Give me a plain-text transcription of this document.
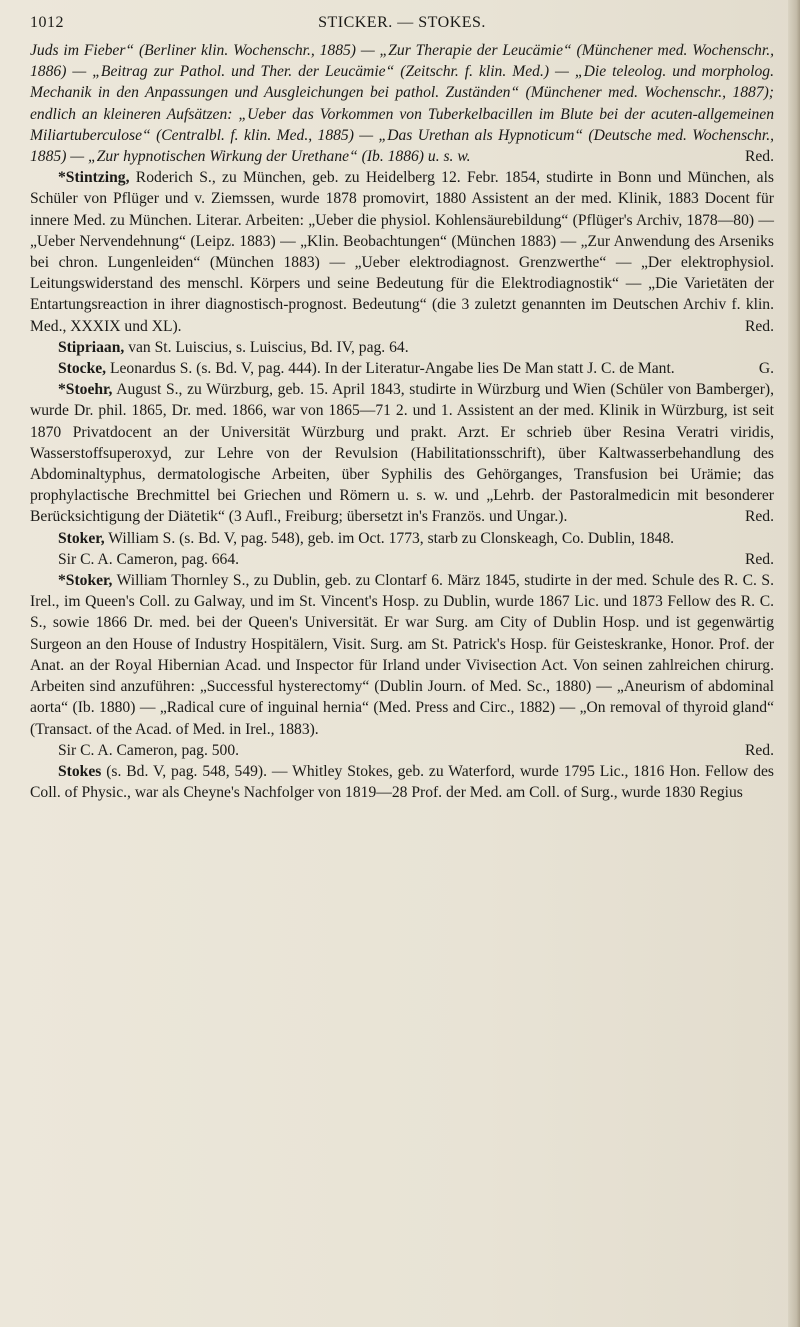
1012	STICKER. — STOKES.

Juds im Fieber“ (Berliner klin. Wochenschr., 1885) — „Zur Therapie der Leucämie“ (Münchener med. Wochenschr., 1886) — „Beitrag zur Pathol. und Ther. der Leucämie“ (Zeitschr. f. klin. Med.) — „Die teleolog. und morpholog. Mechanik in den Anpassungen und Ausgleichungen bei pathol. Zuständen“ (Münchener med. Wochenschr., 1887); endlich an kleineren Aufsätzen: „Ueber das Vorkommen von Tuberkelbacillen im Blute bei der acuten-allgemeinen Miliartuberculose“ (Centralbl. f. klin. Med., 1885) — „Das Urethan als Hypnoticum“ (Deutsche med. Wochenschr., 1885) — „Zur hypnotischen Wirkung der Urethane“ (Ib. 1886) u. s. w.	Red.

*Stintzing, Roderich S., zu München, geb. zu Heidelberg 12. Febr. 1854, studirte in Bonn und München, als Schüler von Pflüger und v. Ziemssen, wurde 1878 promovirt, 1880 Assistent an der med. Klinik, 1883 Docent für innere Med. zu München. Literar. Arbeiten: „Ueber die physiol. Kohlensäurebildung“ (Pflüger's Archiv, 1878—80) — „Ueber Nervendehnung“ (Leipz. 1883) — „Klin. Beobachtungen“ (München 1883) — „Zur Anwendung des Arseniks bei chron. Lungenleiden“ (München 1883) — „Ueber elektrodiagnost. Grenzwerthe“ — „Der elektrophysiol. Leitungswiderstand des menschl. Körpers und seine Bedeutung für die Elektrodiagnostik“ — „Die Varietäten der Entartungsreaction in ihrer diagnostisch-prognost. Bedeutung“ (die 3 zuletzt genannten im Deutschen Archiv f. klin. Med., XXXIX und XL).	Red.

Stipriaan, van St. Luiscius, s. Luiscius, Bd. IV, pag. 64.

Stocke, Leonardus S. (s. Bd. V, pag. 444). In der Literatur-Angabe lies De Man statt J. C. de Mant.	G.

*Stoehr, August S., zu Würzburg, geb. 15. April 1843, studirte in Würzburg und Wien (Schüler von Bamberger), wurde Dr. phil. 1865, Dr. med. 1866, war von 1865—71 2. und 1. Assistent an der med. Klinik in Würzburg, ist seit 1870 Privatdocent an der Universität Würzburg und prakt. Arzt. Er schrieb über Resina Veratri viridis, Wasserstoffsuperoxyd, zur Lehre von der Revulsion (Habilitationsschrift), über Kaltwasserbehandlung des Abdominaltyphus, dermatologische Arbeiten, über Syphilis des Gehörganges, Transfusion bei Urämie; das prophylactische Brechmittel bei Griechen und Römern u. s. w. und „Lehrb. der Pastoralmedicin mit besonderer Berücksichtigung der Diätetik“ (3 Aufl., Freiburg; übersetzt in's Französ. und Ungar.).	Red.

Stoker, William S. (s. Bd. V, pag. 548), geb. im Oct. 1773, starb zu Clonskeagh, Co. Dublin, 1848.
Sir C. A. Cameron, pag. 664.	Red.

*Stoker, William Thornley S., zu Dublin, geb. zu Clontarf 6. März 1845, studirte in der med. Schule des R. C. S. Irel., im Queen's Coll. zu Galway, und im St. Vincent's Hosp. zu Dublin, wurde 1867 Lic. und 1873 Fellow des R. C. S., sowie 1866 Dr. med. bei der Queen's Universität. Er war Surg. am City of Dublin Hosp. und ist gegenwärtig Surgeon an den House of Industry Hospitälern, Visit. Surg. am St. Patrick's Hosp. für Geisteskranke, Honor. Prof. der Anat. an der Royal Hibernian Acad. und Inspector für Irland under Vivisection Act. Von seinen zahlreichen chirurg. Arbeiten sind anzuführen: „Successful hysterectomy“ (Dublin Journ. of Med. Sc., 1880) — „Aneurism of abdominal aorta“ (Ib. 1880) — „Radical cure of inguinal hernia“ (Med. Press and Circ., 1882) — „On removal of thyroid gland“ (Transact. of the Acad. of Med. in Irel., 1883).
Sir C. A. Cameron, pag. 500.	Red.

Stokes (s. Bd. V, pag. 548, 549). — Whitley Stokes, geb. zu Waterford, wurde 1795 Lic., 1816 Hon. Fellow des Coll. of Physic., war als Cheyne's Nachfolger von 1819—28 Prof. der Med. am Coll. of Surg., wurde 1830 Regius
